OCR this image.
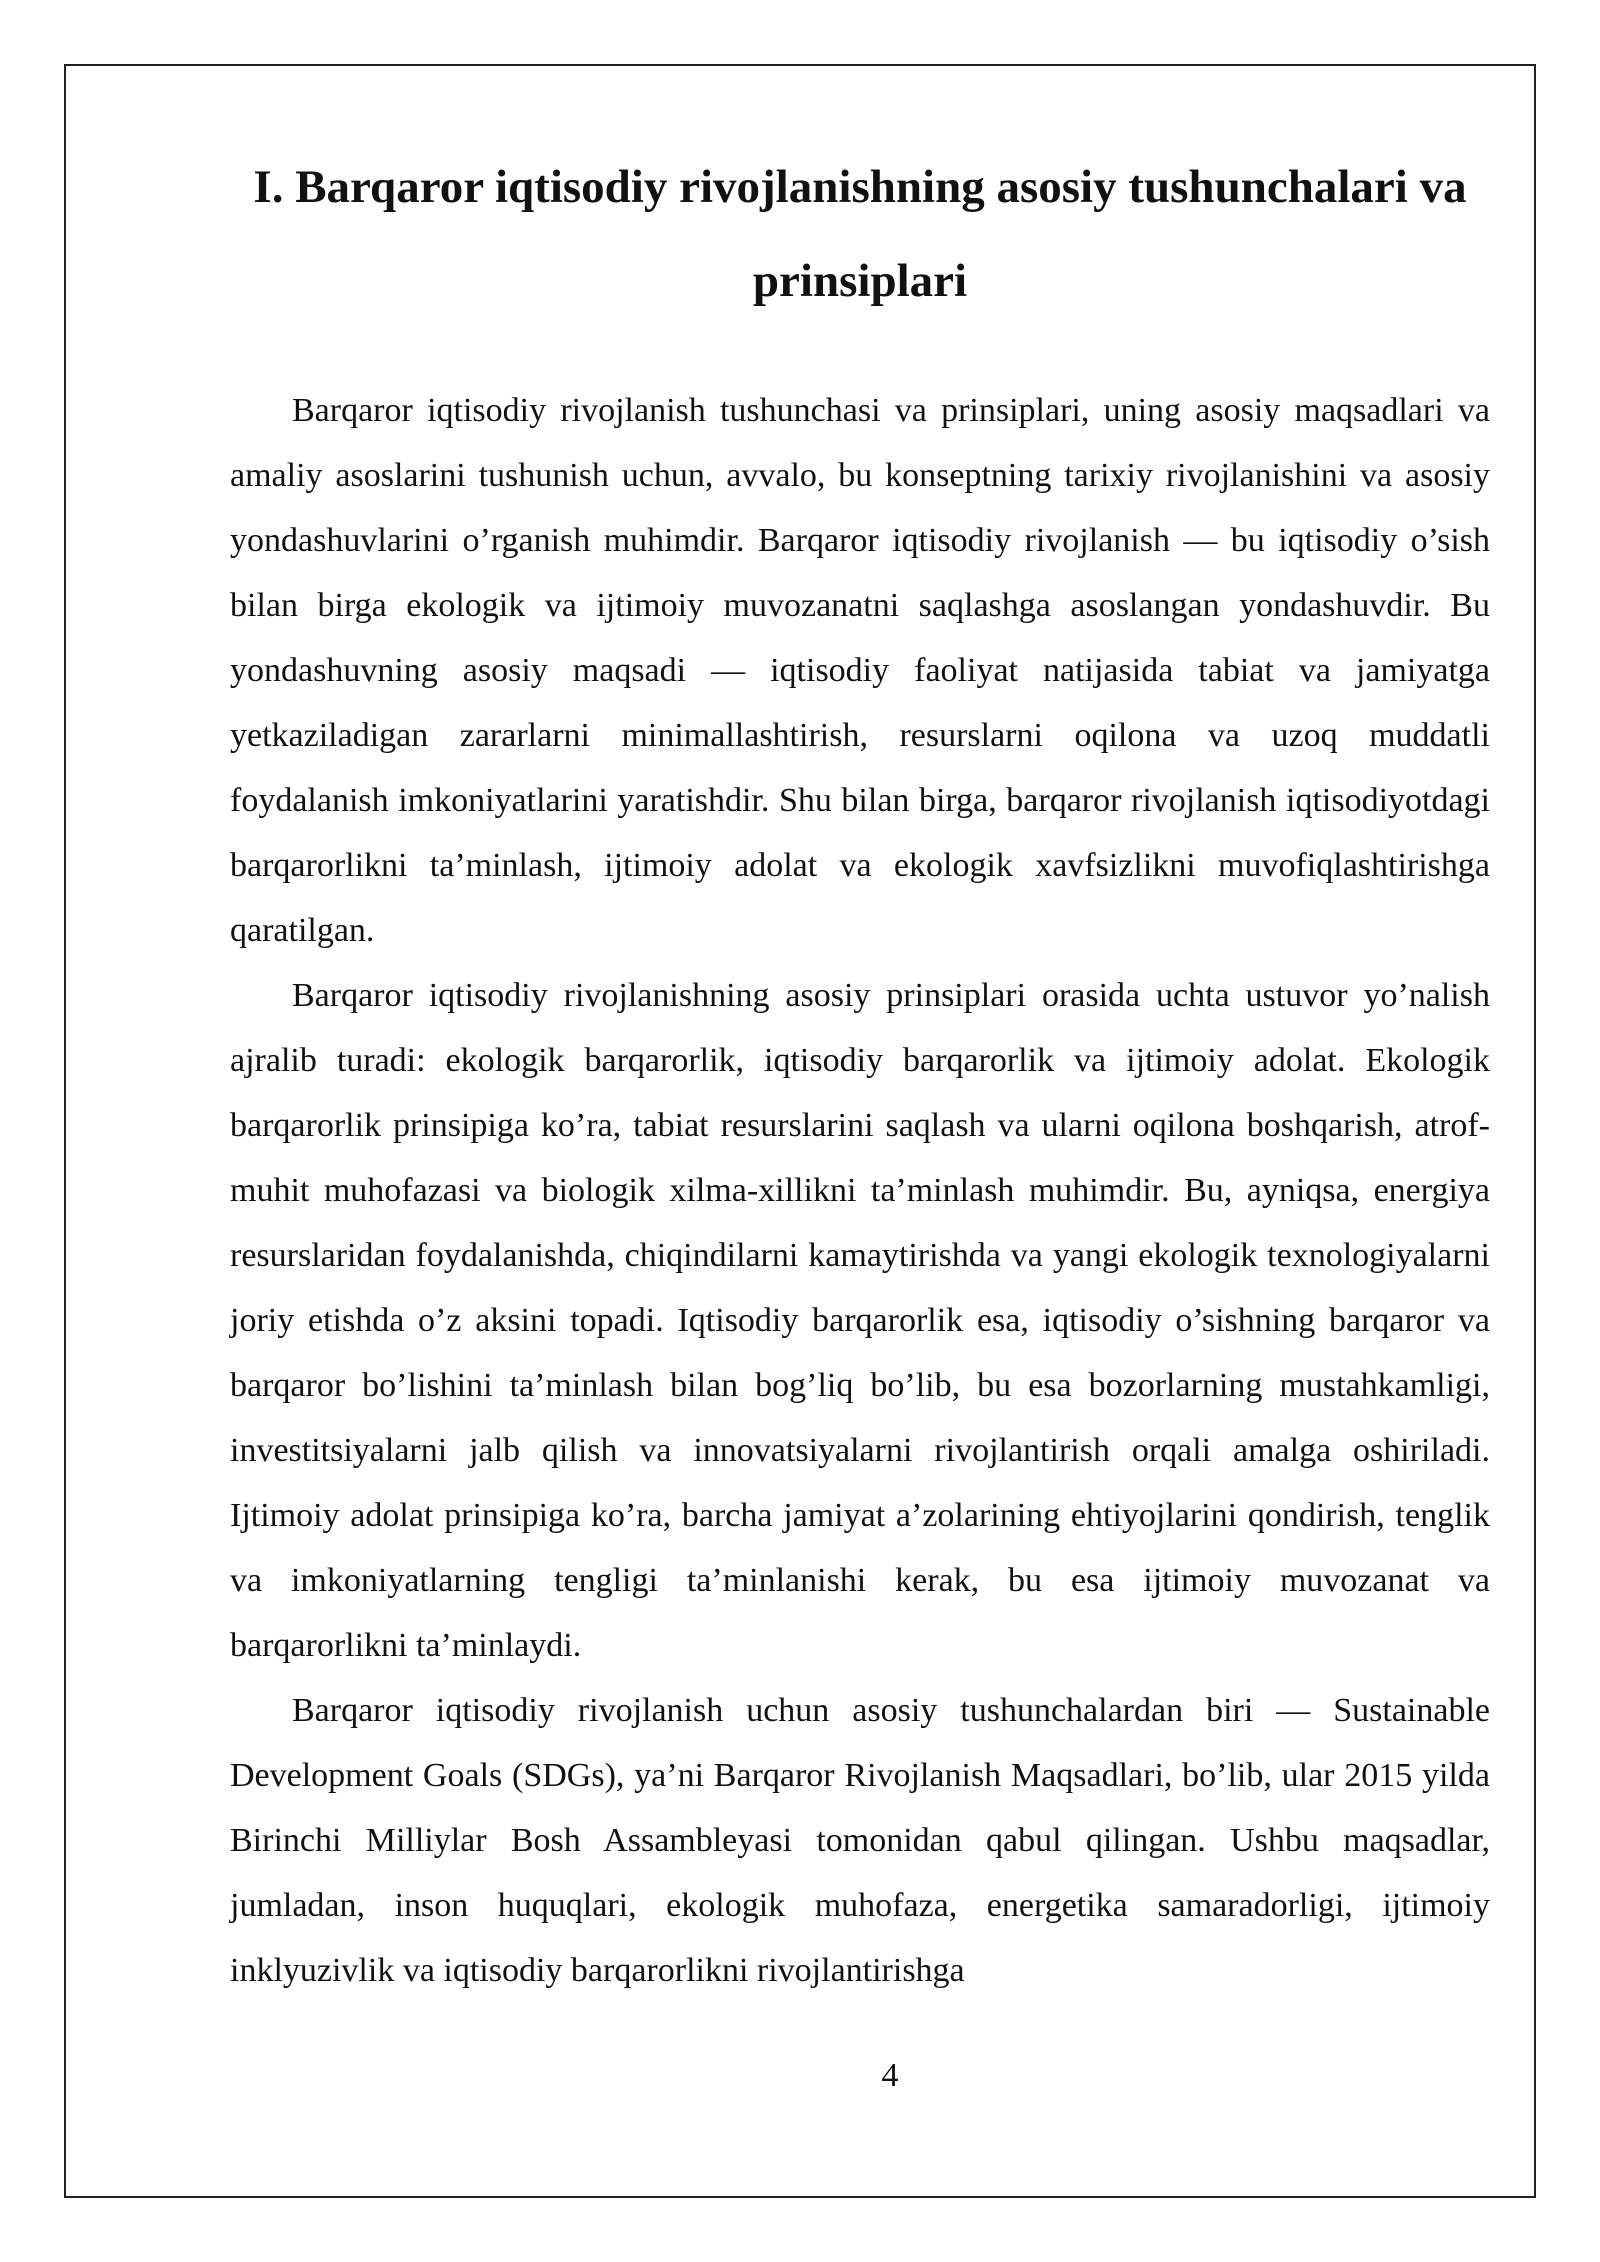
I. Barqaror iqtisodiy rivojlanishning asosiy tushunchalari va prinsiplari

Barqaror iqtisodiy rivojlanish tushunchasi va prinsiplari, uning asosiy maqsadlari va amaliy asoslarini tushunish uchun, avvalo, bu konseptning tarixiy rivojlanishini va asosiy yondashuvlarini o’rganish muhimdir. Barqaror iqtisodiy rivojlanish — bu iqtisodiy o’sish bilan birga ekologik va ijtimoiy muvozanatni saqlashga asoslangan yondashuvdir. Bu yondashuvning asosiy maqsadi — iqtisodiy faoliyat natijasida tabiat va jamiyatga yetkaziladigan zararlarni minimallashtirish, resurslarni oqilona va uzoq muddatli foydalanish imkoniyatlarini yaratishdir. Shu bilan birga, barqaror rivojlanish iqtisodiyotdagi barqarorlikni ta’minlash, ijtimoiy adolat va ekologik xavfsizlikni muvofiqlashtirishga qaratilgan.

Barqaror iqtisodiy rivojlanishning asosiy prinsiplari orasida uchta ustuvor yo’nalish ajralib turadi: ekologik barqarorlik, iqtisodiy barqarorlik va ijtimoiy adolat. Ekologik barqarorlik prinsipiga ko’ra, tabiat resurslarini saqlash va ularni oqilona boshqarish, atrof-muhit muhofazasi va biologik xilma-xillikni ta’minlash muhimdir. Bu, ayniqsa, energiya resurslaridan foydalanishda, chiqindilarni kamaytirishda va yangi ekologik texnologiyalarni joriy etishda o’z aksini topadi. Iqtisodiy barqarorlik esa, iqtisodiy o’sishning barqaror va barqaror bo’lishini ta’minlash bilan bog’liq bo’lib, bu esa bozorlarning mustahkamligi, investitsiyalarni jalb qilish va innovatsiyalarni rivojlantirish orqali amalga oshiriladi. Ijtimoiy adolat prinsipiga ko’ra, barcha jamiyat a’zolarining ehtiyojlarini qondirish, tenglik va imkoniyatlarning tengligi ta’minlanishi kerak, bu esa ijtimoiy muvozanat va barqarorlikni ta’minlaydi.

Barqaror iqtisodiy rivojlanish uchun asosiy tushunchalardan biri — Sustainable Development Goals (SDGs), ya’ni Barqaror Rivojlanish Maqsadlari, bo’lib, ular 2015 yilda Birinchi Milliylar Bosh Assambleyasi tomonidan qabul qilingan. Ushbu maqsadlar, jumladan, inson huquqlari, ekologik muhofaza, energetika samaradorligi, ijtimoiy inklyuzivlik va iqtisodiy barqarorlikni rivojlantirishga

4
